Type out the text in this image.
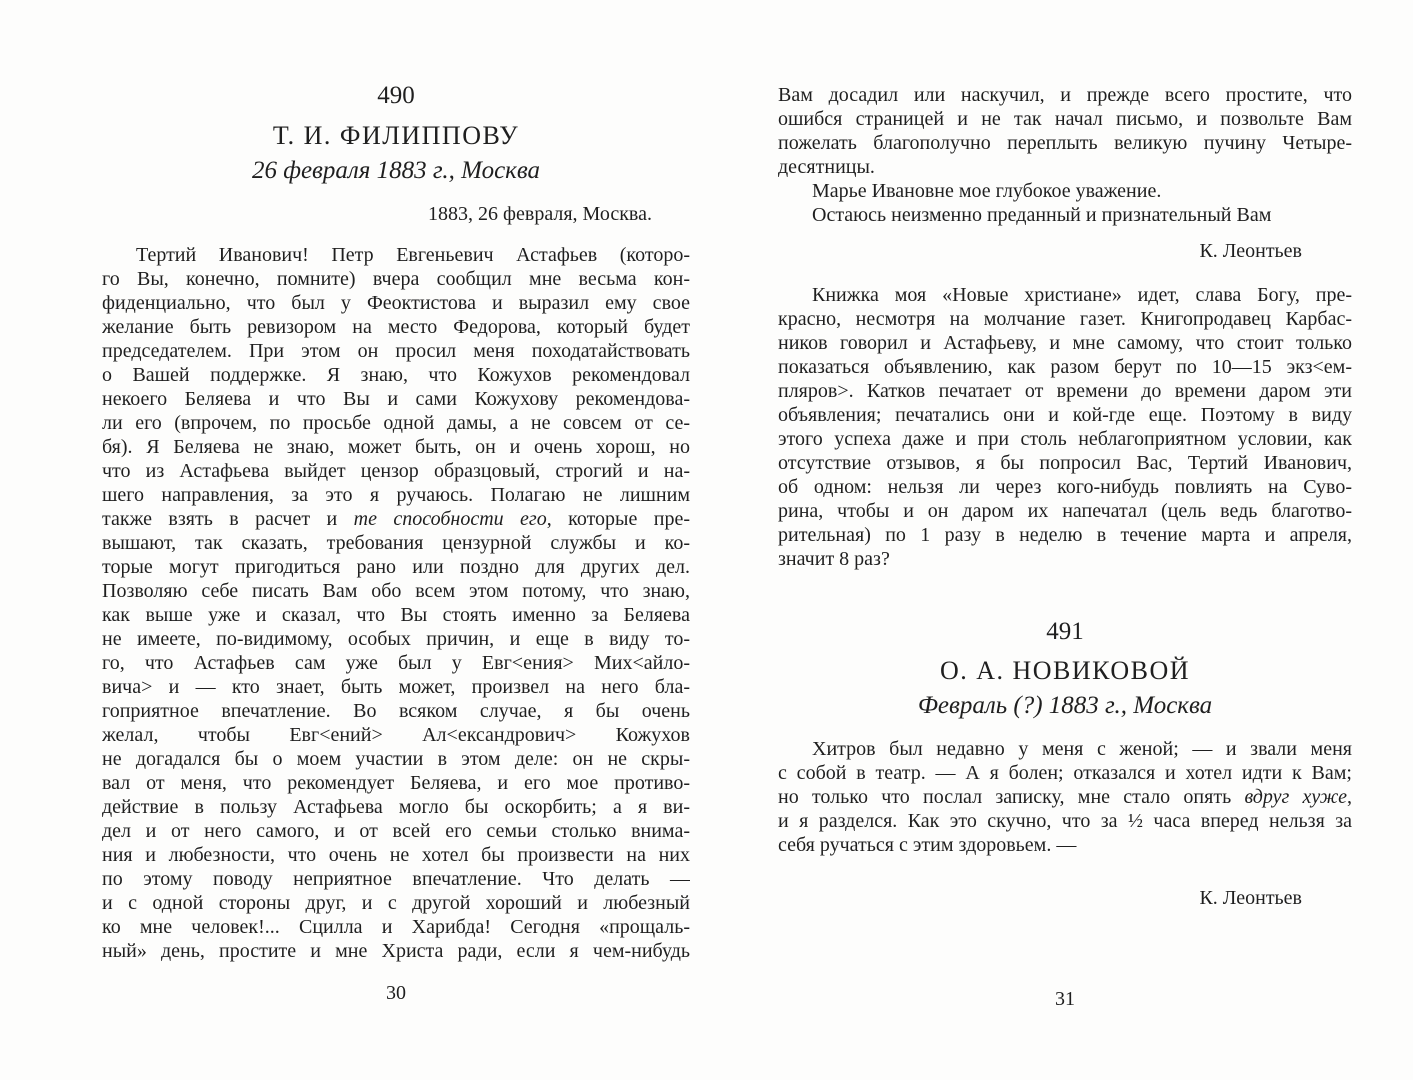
490
Т. И. ФИЛИППОВУ
26 февраля 1883 г., Москва
1883, 26 февраля, Москва.
Тертий Иванович! Петр Евгеньевич Астафьев (которо-
го Вы, конечно, помните) вчера сообщил мне весьма кон-
фиденциально, что был у Феоктистова и выразил ему свое
желание быть ревизором на место Федорова, который будет
председателем. При этом он просил меня походатайствовать
о Вашей поддержке. Я знаю, что Кожухов рекомендовал
некоего Беляева и что Вы и сами Кожухову рекомендова-
ли его (впрочем, по просьбе одной дамы, а не совсем от се-
бя). Я Беляева не знаю, может быть, он и очень хорош, но
что из Астафьева выйдет цензор образцовый, строгий и на-
шего направления, за это я ручаюсь. Полагаю не лишним
также взять в расчет и те способности его, которые пре-
вышают, так сказать, требования цензурной службы и ко-
торые могут пригодиться рано или поздно для других дел.
Позволяю себе писать Вам обо всем этом потому, что знаю,
как выше уже и сказал, что Вы стоять именно за Беляева
не имеете, по-видимому, особых причин, и еще в виду то-
го, что Астафьев сам уже был у Евг<ения> Мих<айло-
вича> и — кто знает, быть может, произвел на него бла-
гоприятное впечатление. Во всяком случае, я бы очень
желал, чтобы Евг<ений> Ал<ександрович> Кожухов
не догадался бы о моем участии в этом деле: он не скры-
вал от меня, что рекомендует Беляева, и его мое противо-
действие в пользу Астафьева могло бы оскорбить; а я ви-
дел и от него самого, и от всей его семьи столько внима-
ния и любезности, что очень не хотел бы произвести на них
по этому поводу неприятное впечатление. Что делать —
и с одной стороны друг, и с другой хороший и любезный
ко мне человек!... Сцилла и Харибда! Сегодня «прощаль-
ный» день, простите и мне Христа ради, если я чем-нибудь
30
Вам досадил или наскучил, и прежде всего простите, что
ошибся страницей и не так начал письмо, и позвольте Вам
пожелать благополучно переплыть великую пучину Четыре-
десятницы.
Марье Ивановне мое глубокое уважение.
Остаюсь неизменно преданный и признательный Вам
К. Леонтьев
Книжка моя «Новые христиане» идет, слава Богу, пре-
красно, несмотря на молчание газет. Книгопродавец Карбас-
ников говорил и Астафьеву, и мне самому, что стоит только
показаться объявлению, как разом берут по 10—15 экз<ем-
пляров>. Катков печатает от времени до времени даром эти
объявления; печатались они и кой-где еще. Поэтому в виду
этого успеха даже и при столь неблагоприятном условии, как
отсутствие отзывов, я бы попросил Вас, Тертий Иванович,
об одном: нельзя ли через кого-нибудь повлиять на Суво-
рина, чтобы и он даром их напечатал (цель ведь благотво-
рительная) по 1 разу в неделю в течение марта и апреля,
значит 8 раз?
491
О. А. НОВИКОВОЙ
Февраль (?) 1883 г., Москва
Хитров был недавно у меня с женой; — и звали меня
с собой в театр. — А я болен; отказался и хотел идти к Вам;
но только что послал записку, мне стало опять вдруг хуже,
и я разделся. Как это скучно, что за ½ часа вперед нельзя за
себя ручаться с этим здоровьем. —
К. Леонтьев
31
